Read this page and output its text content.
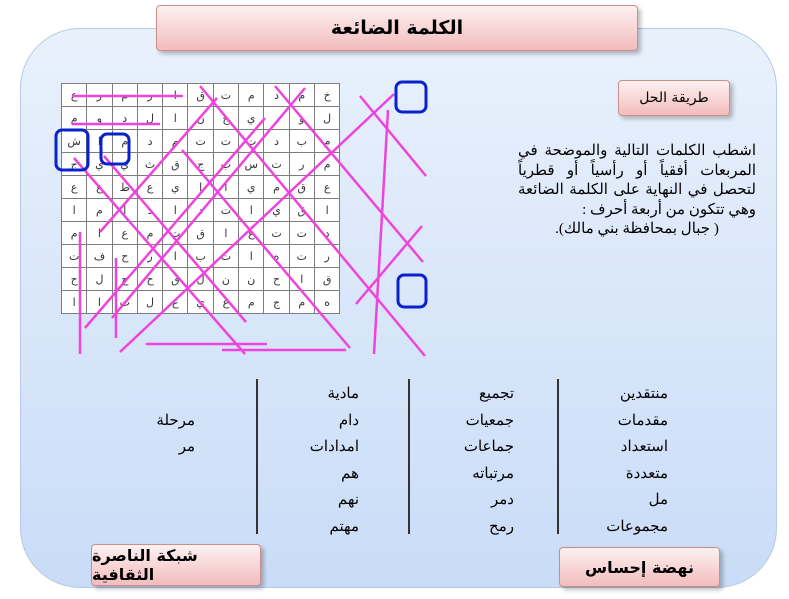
الكلمة الضائعة
طريقة الحل
اشطب الكلمات التالية والموضحة في المربعات أفقياً أو رأسياً أو قطرياً لتحصل في النهاية على الكلمة الضائعة وهي تتكون من أربعة أحرف :
( جبال بمحافظة بني مالك).
ع	ر	م	ر	ا	ق	ت	م	د	م	خ
م	و	د	ل	ا	ن	ج	ي	ر	و	ل
ش	ا	م	د	م	ت	ت	ت	د	ب	م
ج	ي	ي	ث	ق	ج	ب	س	ت	ر	م
ع	ع	ط	ع	ي	ا	ا	ي	م	ق	ع
ا	م	ا	د	ا	د	ت	ا	ي	ق	ا
م	ا	ع	م	ت	ق	ا	ع	ت	ت	د
ت	ف	ح	ر	ا	ب	ت	ا	ه	ت	ر
ح	ل	ح	ح	ق	ل	ن	ن	ح	ا	ق
ا	ا	ت	ل	ع	ي	ع	م	ج	م	ه
منتقدين
مقدمات
استعداد
متعددة
مل
مجموعات
تجميع
جمعيات
جماعات
مرتباته
دمر
رمح
مادية
دام
امدادات
هم
نهم
مهتم
مرحلة
مر
شبكة الناصرة الثقافية	نهضة إحساس
